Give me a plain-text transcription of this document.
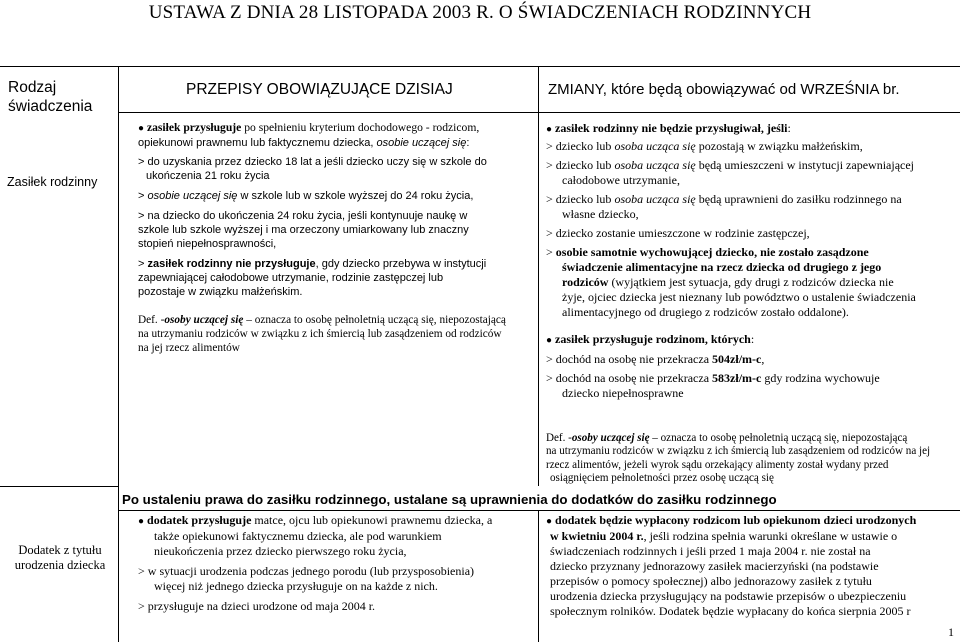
USTAWA Z DNIA 28 LISTOPADA 2003 R. O ŚWIADCZENIACH RODZINNYCH
Rodzaj
świadczenia
PRZEPISY OBOWIĄZUJĄCE DZISIAJ	ZMIANY, które będą obowiązywać od WRZEŚNIA br.
Zasiłek rodzinny
Dodatek z tytułu
urodzenia dziecka

● zasiłek przysługuje po spełnieniu kryterium dochodowego - rodzicom,

opiekunowi prawnemu lub faktycznemu dziecka, osobie uczącej się:

> do uzyskania przez dziecko 18 lat a jeśli dziecko uczy się w szkole do

ukończenia 21 roku życia

> osobie uczącej się w szkole lub w szkole wyższej do 24 roku życia,

> na dziecko do ukończenia 24 roku życia, jeśli kontynuuje naukę w

szkole lub szkole wyższej i ma orzeczony umiarkowany lub znaczny

stopień niepełnosprawności,

> zasiłek rodzinny nie przysługuje, gdy dziecko przebywa w instytucji

zapewniającej całodobowe utrzymanie, rodzinie zastępczej lub

pozostaje w związku małżeńskim.

Def. -osoby uczącej się – oznacza to osobę pełnoletnią uczącą się, niepozostającą

na utrzymaniu rodziców w związku z ich śmiercią lub zasądzeniem od rodziców

na jej rzecz alimentów

● zasiłek rodzinny nie będzie przysługiwał, jeśli:

> dziecko lub osoba ucząca się pozostają w związku małżeńskim,

> dziecko lub osoba ucząca się będą umieszczeni w instytucji zapewniającej

całodobowe utrzymanie,

> dziecko lub osoba ucząca się będą uprawnieni do zasiłku rodzinnego na

własne dziecko,

> dziecko zostanie umieszczone w rodzinie zastępczej,

> osobie samotnie wychowującej dziecko, nie zostało zasądzone

świadczenie alimentacyjne na rzecz dziecka od drugiego z jego

rodziców (wyjątkiem jest sytuacja, gdy drugi z rodziców dziecka nie

żyje, ojciec dziecka jest nieznany lub powództwo o ustalenie świadczenia

alimentacyjnego od drugiego z rodziców zostało oddalone).

● zasiłek przysługuje rodzinom, których:

> dochód na osobę nie przekracza 504zł/m-c,

> dochód na osobę nie przekracza 583zł/m-c gdy rodzina wychowuje

dziecko niepełnosprawne

Def. -osoby uczącej się – oznacza to osobę pełnoletnią uczącą się, niepozostającą

na utrzymaniu rodziców w związku z ich śmiercią lub zasądzeniem od rodziców na jej

rzecz alimentów, jeżeli wyrok sądu orzekający alimenty został wydany przed

osiągnięciem pełnoletności przez osobę uczącą się

Po ustaleniu prawa do zasiłku rodzinnego, ustalane są uprawnienia do dodatków do zasiłku rodzinnego

● dodatek przysługuje matce, ojcu lub opiekunowi prawnemu dziecka, a

także opiekunowi faktycznemu dziecka, ale pod warunkiem

nieukończenia przez dziecko pierwszego roku życia,

> w sytuacji urodzenia podczas jednego porodu (lub przysposobienia)

więcej niż jednego dziecka przysługuje on na każde z nich.

> przysługuje na dzieci urodzone od maja 2004 r.

● dodatek będzie wypłacony rodzicom lub opiekunom dzieci urodzonych

w kwietniu 2004 r., jeśli rodzina spełnia warunki określane w ustawie o

świadczeniach rodzinnych i jeśli przed 1 maja 2004 r. nie został na

dziecko przyznany jednorazowy zasiłek macierzyński (na podstawie

przepisów o pomocy społecznej) albo jednorazowy zasiłek z tytułu

urodzenia dziecka przysługujący na podstawie przepisów o ubezpieczeniu

społecznym rolników. Dodatek będzie wypłacany do końca sierpnia 2005 r

1
